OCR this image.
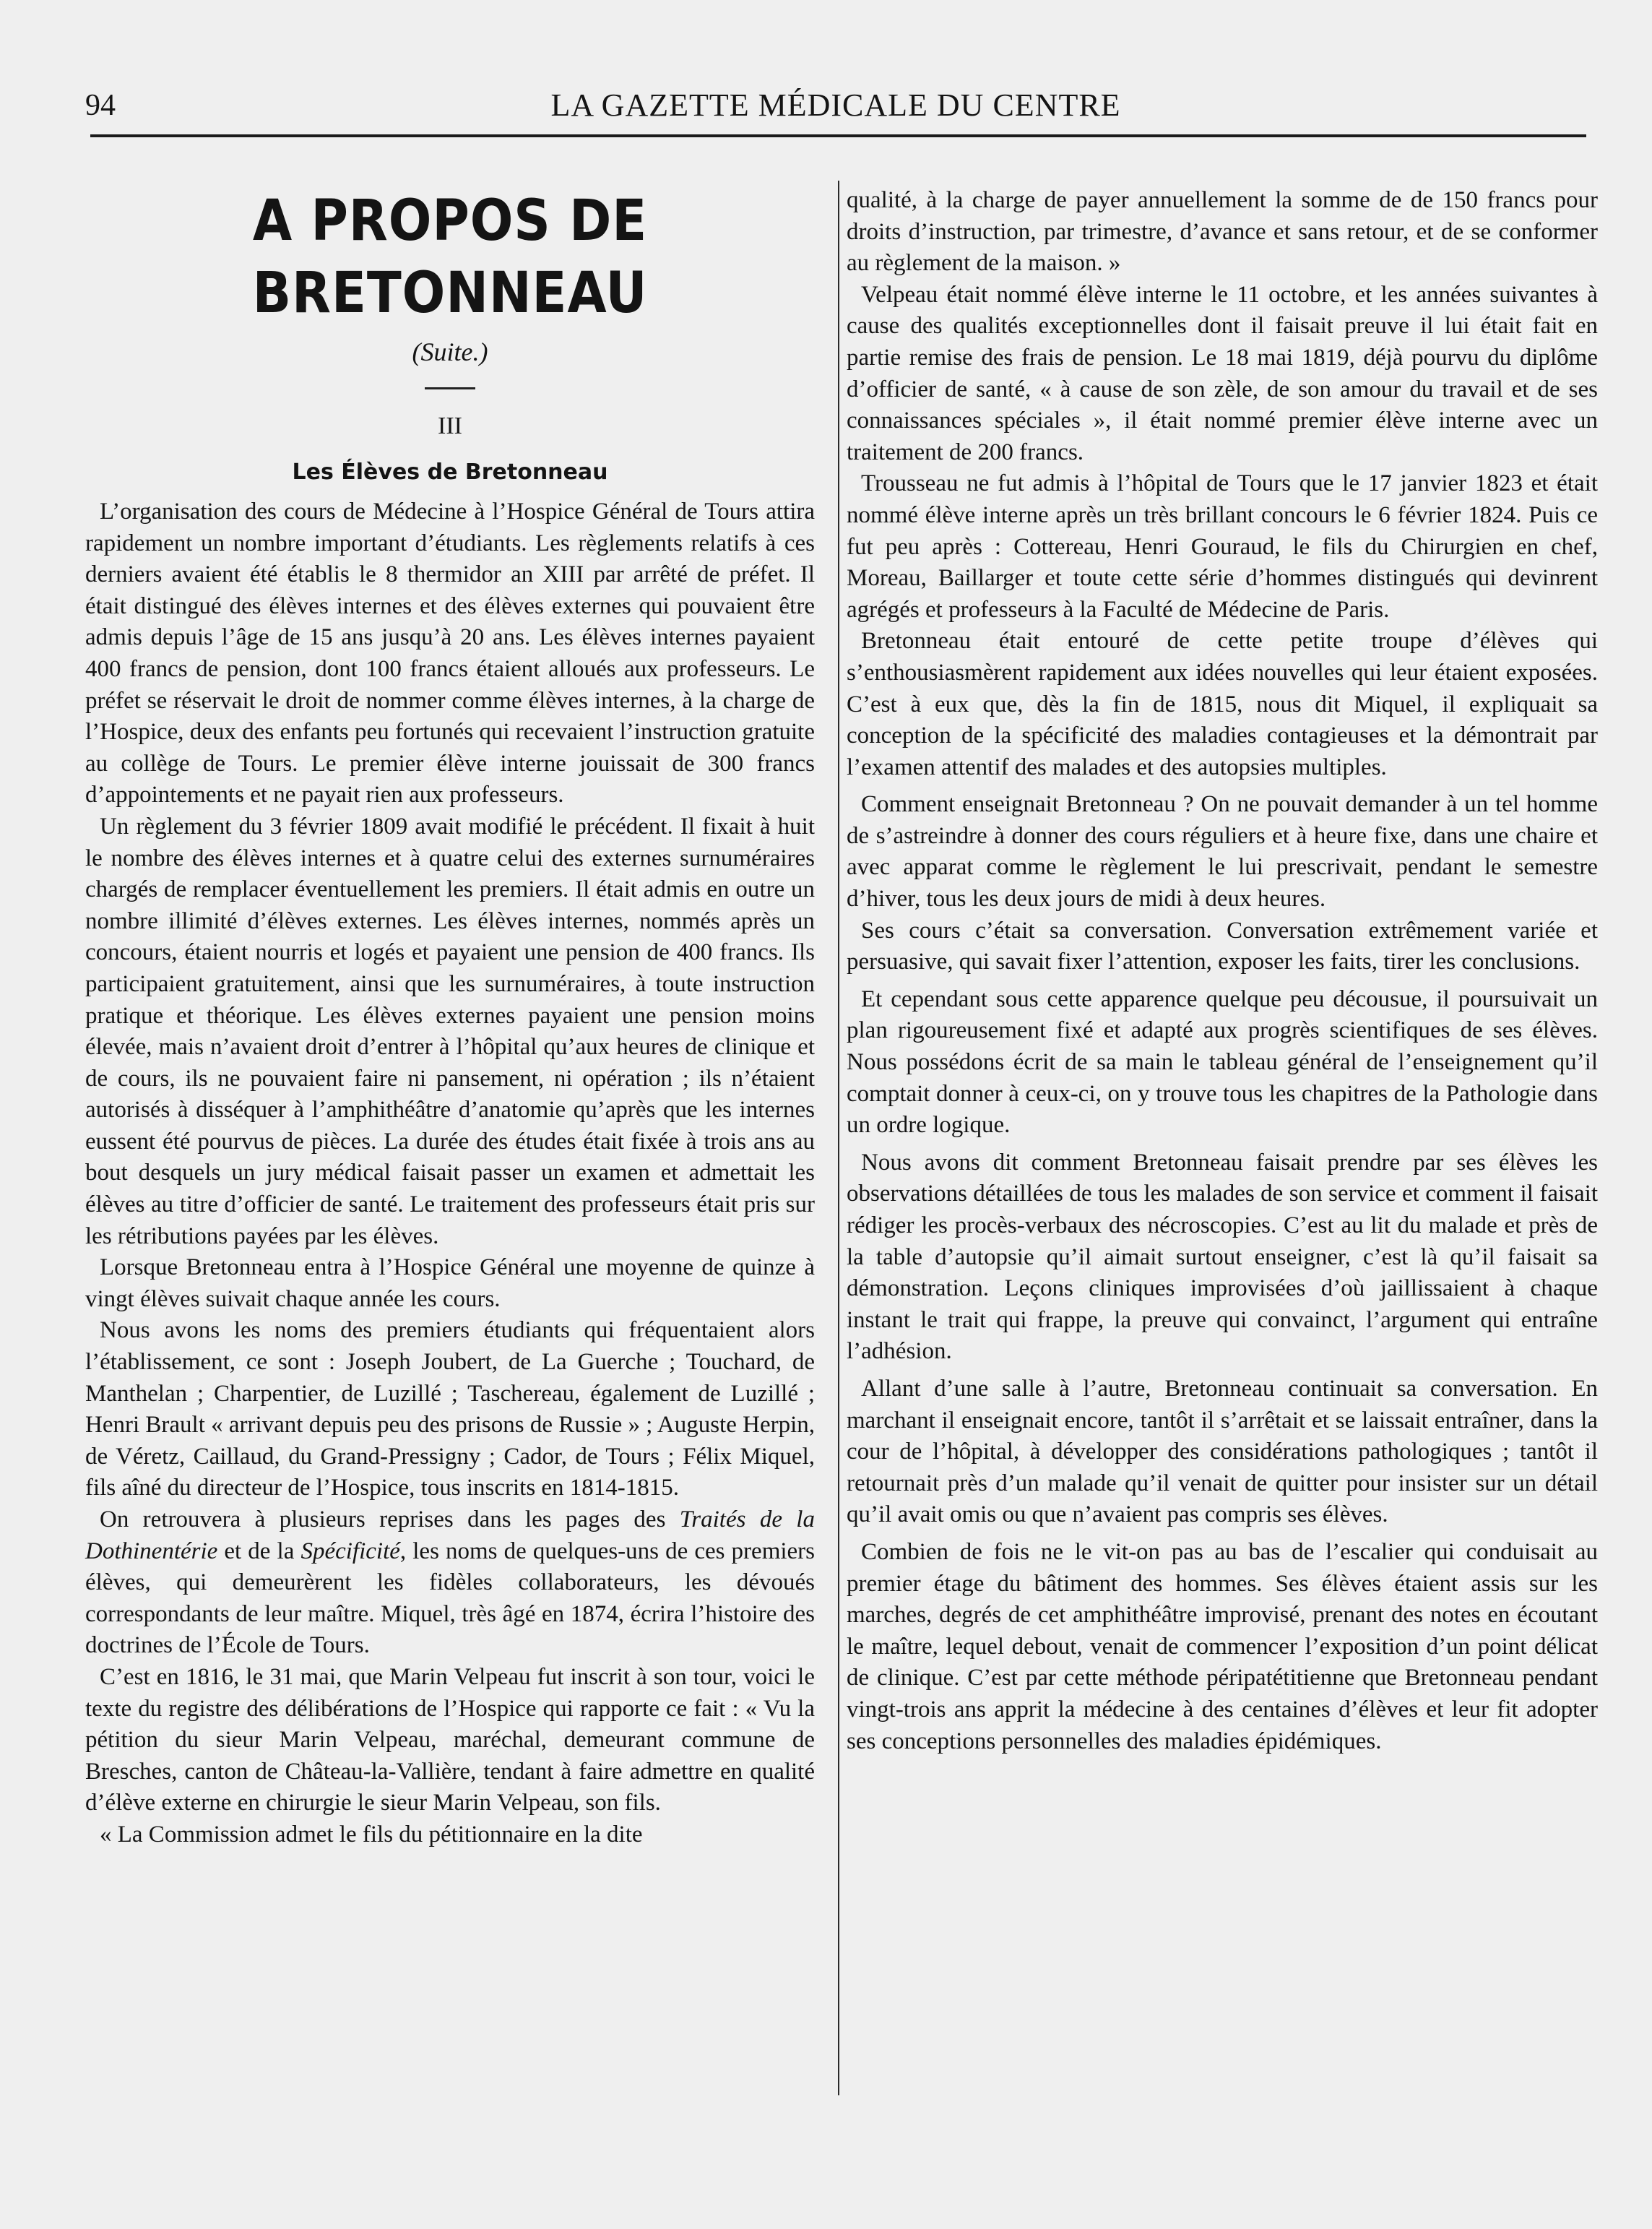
94	LA GAZETTE MÉDICALE DU CENTRE
A PROPOS DE BRETONNEAU
(Suite.)
III
Les Élèves de Bretonneau

L’organisation des cours de Médecine à l’Hospice Général de Tours attira rapidement un nombre important d’étudiants. Les règlements relatifs à ces derniers avaient été établis le 8 thermidor an XIII par arrêté de préfet. Il était distingué des élèves internes et des élèves externes qui pouvaient être admis depuis l’âge de 15 ans jusqu’à 20 ans. Les élèves internes payaient 400 francs de pension, dont 100 francs étaient alloués aux professeurs. Le préfet se réservait le droit de nommer comme élèves internes, à la charge de l’Hospice, deux des enfants peu fortunés qui recevaient l’instruction gratuite au collège de Tours. Le premier élève interne jouissait de 300 francs d’appointements et ne payait rien aux professeurs.

Un règlement du 3 février 1809 avait modifié le précédent. Il fixait à huit le nombre des élèves internes et à quatre celui des externes surnuméraires chargés de remplacer éventuellement les premiers. Il était admis en outre un nombre illimité d’élèves externes. Les élèves internes, nommés après un concours, étaient nourris et logés et payaient une pension de 400 francs. Ils participaient gratuitement, ainsi que les surnuméraires, à toute instruction pratique et théorique. Les élèves externes payaient une pension moins élevée, mais n’avaient droit d’entrer à l’hôpital qu’aux heures de clinique et de cours, ils ne pouvaient faire ni pansement, ni opération ; ils n’étaient autorisés à disséquer à l’amphithéâtre d’anatomie qu’après que les internes eussent été pourvus de pièces. La durée des études était fixée à trois ans au bout desquels un jury médical faisait passer un examen et admettait les élèves au titre d’officier de santé. Le traitement des professeurs était pris sur les rétributions payées par les élèves.

Lorsque Bretonneau entra à l’Hospice Général une moyenne de quinze à vingt élèves suivait chaque année les cours.

Nous avons les noms des premiers étudiants qui fréquentaient alors l’établissement, ce sont : Joseph Joubert, de La Guerche ; Touchard, de Manthelan ; Charpentier, de Luzillé ; Taschereau, également de Luzillé ; Henri Brault « arrivant depuis peu des prisons de Russie » ; Auguste Herpin, de Véretz, Caillaud, du Grand-Pressigny ; Cador, de Tours ; Félix Miquel, fils aîné du directeur de l’Hospice, tous inscrits en 1814-1815.

On retrouvera à plusieurs reprises dans les pages des Traités de la Dothinentérie et de la Spécificité, les noms de quelques-uns de ces premiers élèves, qui demeurèrent les fidèles collaborateurs, les dévoués correspondants de leur maître. Miquel, très âgé en 1874, écrira l’histoire des doctrines de l’École de Tours.

C’est en 1816, le 31 mai, que Marin Velpeau fut inscrit à son tour, voici le texte du registre des délibérations de l’Hospice qui rapporte ce fait : « Vu la pétition du sieur Marin Velpeau, maréchal, demeurant commune de Bresches, canton de Château-la-Vallière, tendant à faire admettre en qualité d’élève externe en chirurgie le sieur Marin Velpeau, son fils.

« La Commission admet le fils du pétitionnaire en la dite

qualité, à la charge de payer annuellement la somme de de 150 francs pour droits d’instruction, par trimestre, d’avance et sans retour, et de se conformer au règlement de la maison. »

Velpeau était nommé élève interne le 11 octobre, et les années suivantes à cause des qualités exceptionnelles dont il faisait preuve il lui était fait en partie remise des frais de pension. Le 18 mai 1819, déjà pourvu du diplôme d’officier de santé, « à cause de son zèle, de son amour du travail et de ses connaissances spéciales », il était nommé premier élève interne avec un traitement de 200 francs.

Trousseau ne fut admis à l’hôpital de Tours que le 17 janvier 1823 et était nommé élève interne après un très brillant concours le 6 février 1824. Puis ce fut peu après : Cottereau, Henri Gouraud, le fils du Chirurgien en chef, Moreau, Baillarger et toute cette série d’hommes distingués qui devinrent agrégés et professeurs à la Faculté de Médecine de Paris.

Bretonneau était entouré de cette petite troupe d’élèves qui s’enthousiasmèrent rapidement aux idées nouvelles qui leur étaient exposées. C’est à eux que, dès la fin de 1815, nous dit Miquel, il expliquait sa conception de la spécificité des maladies contagieuses et la démontrait par l’examen attentif des malades et des autopsies multiples.

Comment enseignait Bretonneau ? On ne pouvait demander à un tel homme de s’astreindre à donner des cours réguliers et à heure fixe, dans une chaire et avec apparat comme le règlement le lui prescrivait, pendant le semestre d’hiver, tous les deux jours de midi à deux heures.

Ses cours c’était sa conversation. Conversation extrêmement variée et persuasive, qui savait fixer l’attention, exposer les faits, tirer les conclusions.

Et cependant sous cette apparence quelque peu décousue, il poursuivait un plan rigoureusement fixé et adapté aux progrès scientifiques de ses élèves. Nous possédons écrit de sa main le tableau général de l’enseignement qu’il comptait donner à ceux-ci, on y trouve tous les chapitres de la Pathologie dans un ordre logique.

Nous avons dit comment Bretonneau faisait prendre par ses élèves les observations détaillées de tous les malades de son service et comment il faisait rédiger les procès-verbaux des nécroscopies. C’est au lit du malade et près de la table d’autopsie qu’il aimait surtout enseigner, c’est là qu’il faisait sa démonstration. Leçons cliniques improvisées d’où jaillissaient à chaque instant le trait qui frappe, la preuve qui convainct, l’argument qui entraîne l’adhésion.

Allant d’une salle à l’autre, Bretonneau continuait sa conversation. En marchant il enseignait encore, tantôt il s’arrêtait et se laissait entraîner, dans la cour de l’hôpital, à développer des considérations pathologiques ; tantôt il retournait près d’un malade qu’il venait de quitter pour insister sur un détail qu’il avait omis ou que n’avaient pas compris ses élèves.

Combien de fois ne le vit-on pas au bas de l’escalier qui conduisait au premier étage du bâtiment des hommes. Ses élèves étaient assis sur les marches, degrés de cet amphithéâtre improvisé, prenant des notes en écoutant le maître, lequel debout, venait de commencer l’exposition d’un point délicat de clinique. C’est par cette méthode péripatétitienne que Bretonneau pendant vingt-trois ans apprit la médecine à des centaines d’élèves et leur fit adopter ses conceptions personnelles des maladies épidémiques.
